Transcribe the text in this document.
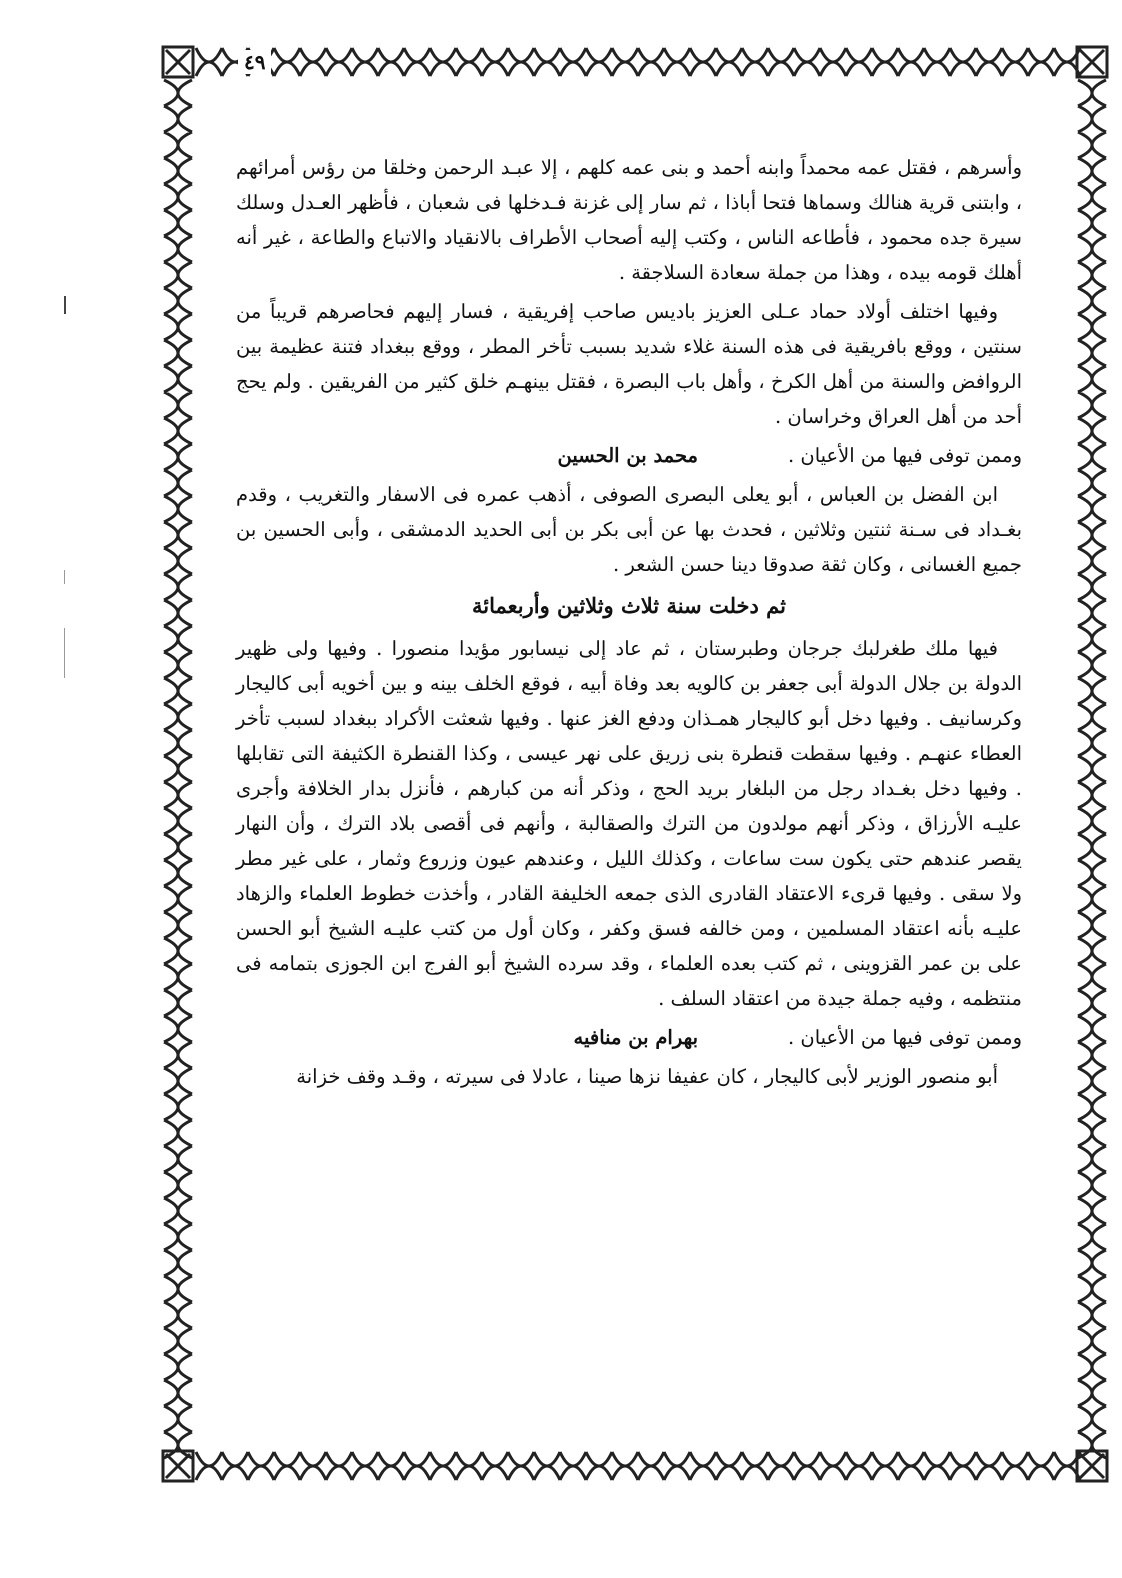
٤٩

وأسرهم ، فقتل عمه محمداً وابنه أحمد و بنى عمه كلهم ، إلا عبـد الرحمن وخلقا من رؤس أمرائهم ، وابتنى قرية هنالك وسماها فتحا أباذا ، ثم سار إلى غزنة فـدخلها فى شعبان ، فأظهر العـدل وسلك سيرة جده محمود ، فأطاعه الناس ، وكتب إليه أصحاب الأطراف بالانقياد والاتباع والطاعة ، غير أنه أهلك قومه بيده ، وهذا من جملة سعادة السلاجقة .

وفيها اختلف أولاد حماد عـلى العزيز باديس صاحب إفريقية ، فسار إليهم فحاصرهم قريباً من سنتين ، ووقع بافريقية فى هذه السنة غلاء شديد بسبب تأخر المطر ، ووقع ببغداد فتنة عظيمة بين الروافض والسنة من أهل الكرخ ، وأهل باب البصرة ، فقتل بينهـم خلق كثير من الفريقين . ولم يحج أحد من أهل العراق وخراسان .

وممن توفى فيها من الأعيان .
محمد بن الحسين

ابن الفضل بن العباس ، أبو يعلى البصرى الصوفى ، أذهب عمره فى الاسفار والتغريب ، وقدم بغـداد فى سـنة ثنتين وثلاثين ، فحدث بها عن أبى بكر بن أبى الحديد الدمشقى ، وأبى الحسين بن جميع الغسانى ، وكان ثقة صدوقا دينا حسن الشعر .

ثم دخلت سنة ثلاث وثلاثين وأربعمائة

فيها ملك طغرلبك جرجان وطبرستان ، ثم عاد إلى نيسابور مؤيدا منصورا . وفيها ولى ظهير الدولة بن جلال الدولة أبى جعفر بن كالويه بعد وفاة أبيه ، فوقع الخلف بينه و بين أخويه أبى كاليجار وكرسانيف . وفيها دخل أبو كاليجار همـذان ودفع الغز عنها . وفيها شعثت الأكراد ببغداد لسبب تأخر العطاء عنهـم . وفيها سقطت قنطرة بنى زريق على نهر عيسى ، وكذا القنطرة الكثيفة التى تقابلها . وفيها دخل بغـداد رجل من البلغار بريد الحج ، وذكر أنه من كبارهم ، فأنزل بدار الخلافة وأجرى عليـه الأرزاق ، وذكر أنهم مولدون من الترك والصقالبة ، وأنهم فى أقصى بلاد الترك ، وأن النهار يقصر عندهم حتى يكون ست ساعات ، وكذلك الليل ، وعندهم عيون وزروع وثمار ، على غير مطر ولا سقى . وفيها قرىء الاعتقاد القادرى الذى جمعه الخليفة القادر ، وأخذت خطوط العلماء والزهاد عليـه بأنه اعتقاد المسلمين ، ومن خالفه فسق وكفر ، وكان أول من كتب عليـه الشيخ أبو الحسن على بن عمر القزوينى ، ثم كتب بعده العلماء ، وقد سرده الشيخ أبو الفرج ابن الجوزى بتمامه فى منتظمه ، وفيه جملة جيدة من اعتقاد السلف .

وممن توفى فيها من الأعيان .
بهرام بن منافيه

أبو منصور الوزير لأبى كاليجار ، كان عفيفا نزها صينا ، عادلا فى سيرته ، وقـد وقف خزانة
